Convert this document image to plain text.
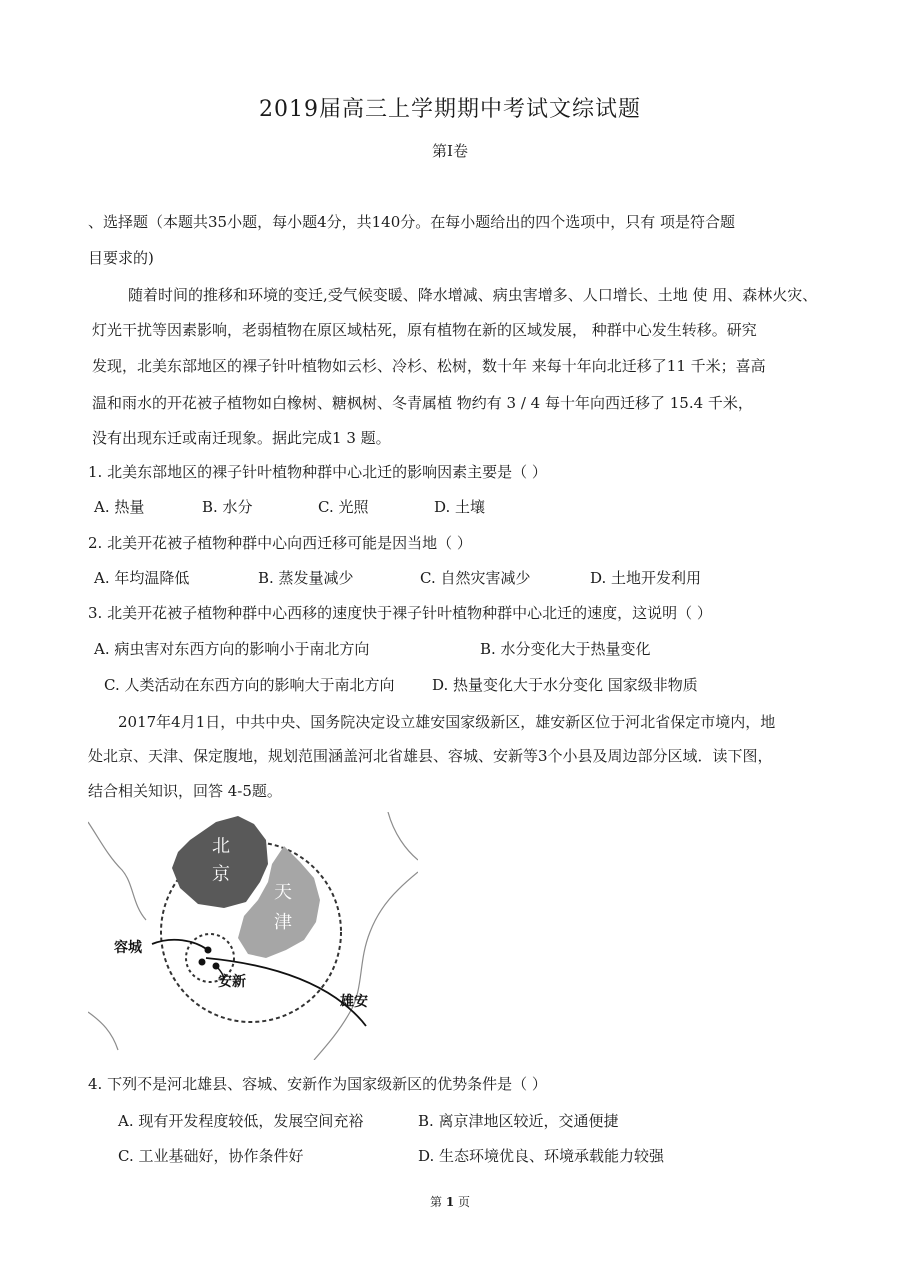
2019届高三上学期期中考试文综试题
第I卷
、选择题（本题共35小题，每小题4分，共140分。在每小题给出的四个选项中，只有 项是符合题
目要求的)
随着时间的推移和环境的变迁,受气候变暖、降水增减、病虫害增多、人口增长、土地 使 用、森林火灾、
灯光干扰等因素影响，老弱植物在原区域枯死，原有植物在新的区域发展， 种群中心发生转移。研究
发现，北美东部地区的裸子针叶植物如云杉、冷杉、松树，数十年 来每十年向北迁移了11 千米；喜高
温和雨水的开花被子植物如白橡树、糖枫树、冬青属植 物约有 3 / 4 每十年向西迁移了 15.4 千米，
没有出现东迁或南迁现象。据此完成1 3 题。
1. 北美东部地区的裸子针叶植物种群中心北迁的影响因素主要是（ ）
A. 热量	B. 水分	C. 光照	D. 土壤
2. 北美开花被子植物种群中心向西迁移可能是因当地（ ）
A. 年均温降低	B. 蒸发量减少	C. 自然灾害减少	D. 土地开发利用
3. 北美开花被子植物种群中心西移的速度快于裸子针叶植物种群中心北迁的速度，这说明（ ）
A. 病虫害对东西方向的影响小于南北方向	B. 水分变化大于热量变化
C. 人类活动在东西方向的影响大于南北方向	D. 热量变化大于水分变化 国家级非物质
2017年4月1日，中共中央、国务院决定设立雄安国家级新区，雄安新区位于河北省保定市境内，地
处北京、天津、保定腹地，规划范围涵盖河北省雄县、容城、安新等3个小县及周边部分区域．读下图，
结合相关知识，回答 4-5题。
北
京
天
津
容城
安新
雄安
4. 下列不是河北雄县、容城、安新作为国家级新区的优势条件是（ ）
A. 现有开发程度较低，发展空间充裕	B. 离京津地区较近，交通便捷
C. 工业基础好，协作条件好	D. 生态环境优良、环境承载能力较强
第 1 页
